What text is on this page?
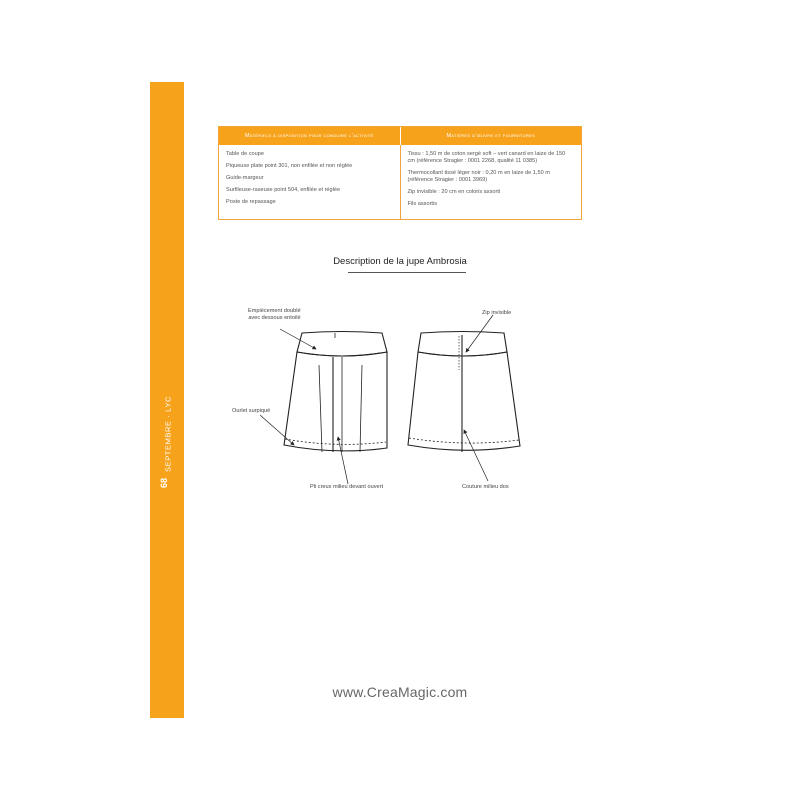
SEPTEMBRE · LYC
68
Matériels à disposition pour conduire l’activité	Matières d’œuvre et fournitures
Table de coupe
Piqueuse plate point 301, non enfilée et non réglée
Guide-margeur
Surfileuse-raseuse point 504, enfilée et réglée
Poste de repassage
Tissu : 1,50 m de coton sergé soft – vert canard en laize de 150 cm (référence Stragier : 0001 2268, qualité 11 0385)
Thermocollant tissé léger noir : 0,20 m en laize de 1,50 m (référence Stragier : 0001 3969)
Zip invisible : 20 cm en coloris assorti
Fils assortis
Description de la jupe Ambrosia
Empiècement doublé
avec dessous entoilé
Ourlet surpiqué
Pli creux milieu devant ouvert
Zip invisible
Couture milieu dos
www.CreaMagic.com
